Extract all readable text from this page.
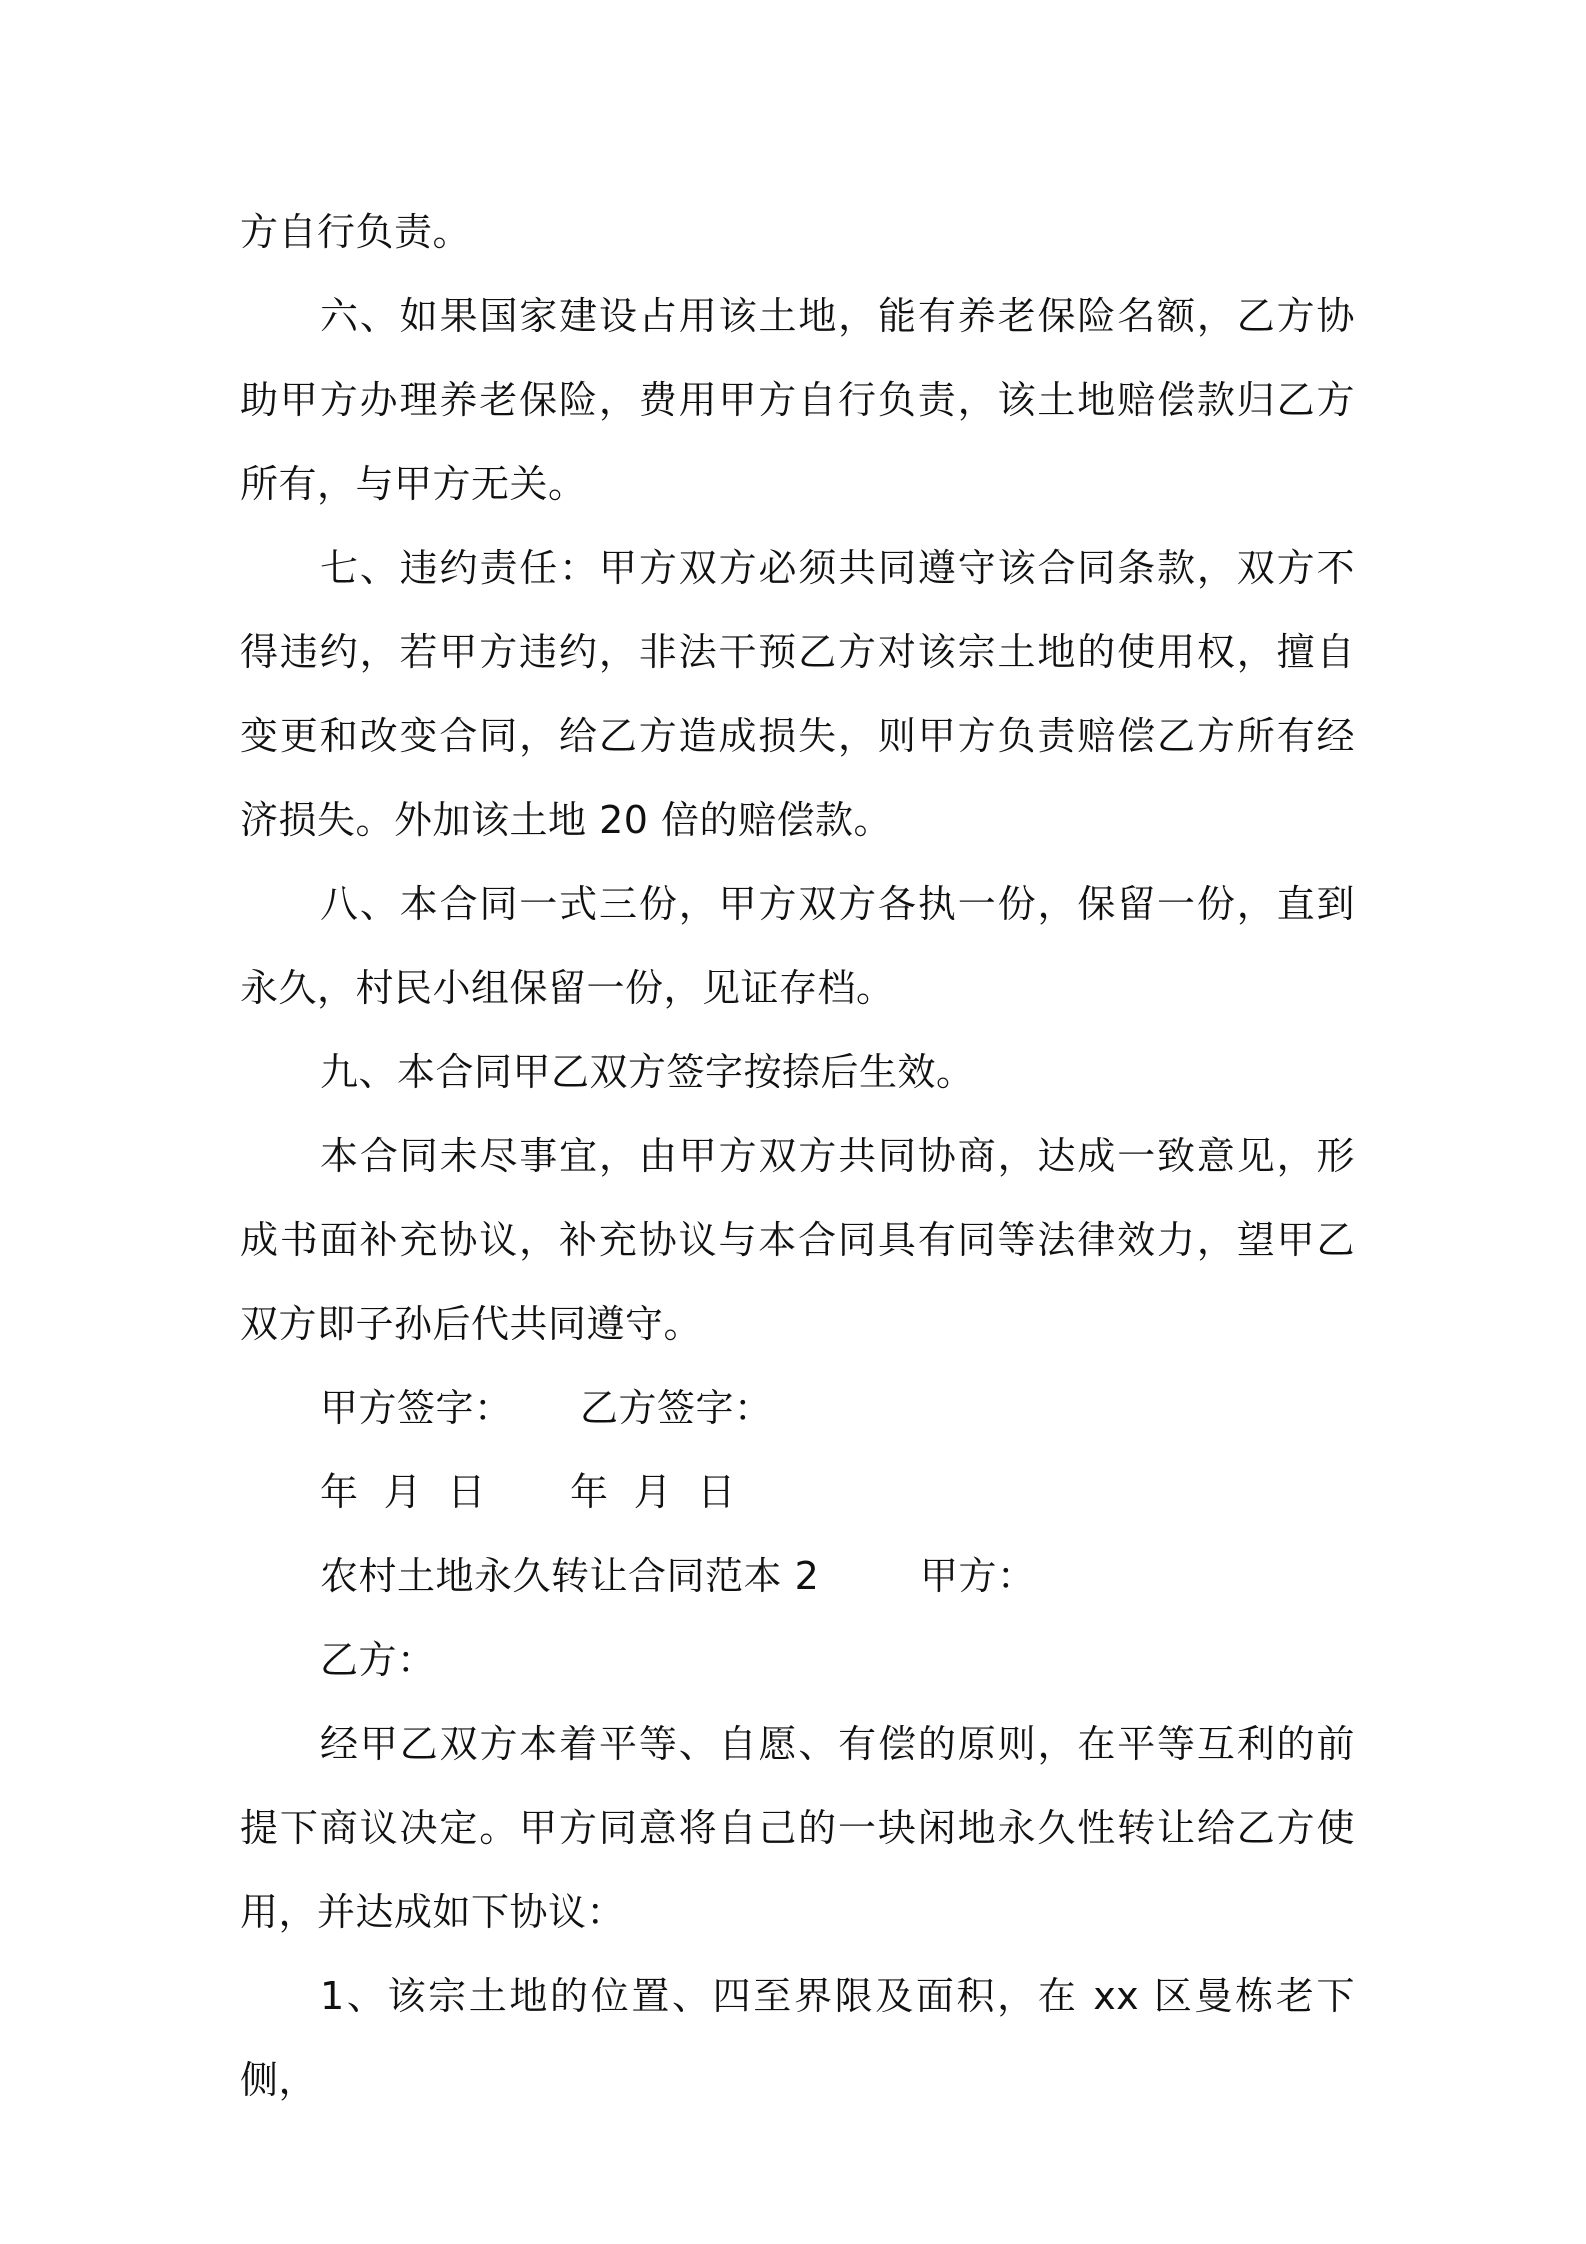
方自行负责。

六、如果国家建设占用该土地，能有养老保险名额，乙方协助甲方办理养老保险，费用甲方自行负责，该土地赔偿款归乙方所有，与甲方无关。

七、违约责任：甲方双方必须共同遵守该合同条款，双方不得违约，若甲方违约，非法干预乙方对该宗土地的使用权，擅自变更和改变合同，给乙方造成损失，则甲方负责赔偿乙方所有经济损失。外加该土地 20 倍的赔偿款。

八、本合同一式三份，甲方双方各执一份，保留一份，直到永久，村民小组保留一份，见证存档。

九、本合同甲乙双方签字按捺后生效。

本合同未尽事宜，由甲方双方共同协商，达成一致意见，形成书面补充协议，补充协议与本合同具有同等法律效力，望甲乙双方即子孙后代共同遵守。

甲方签字：	乙方签字：
年  月  日	年  月  日
农村土地永久转让合同范本 2	甲方：

乙方：

经甲乙双方本着平等、自愿、有偿的原则，在平等互利的前提下商议决定。甲方同意将自己的一块闲地永久性转让给乙方使用，并达成如下协议：

1、该宗土地的位置、四至界限及面积，在 xx 区曼栋老下侧，
